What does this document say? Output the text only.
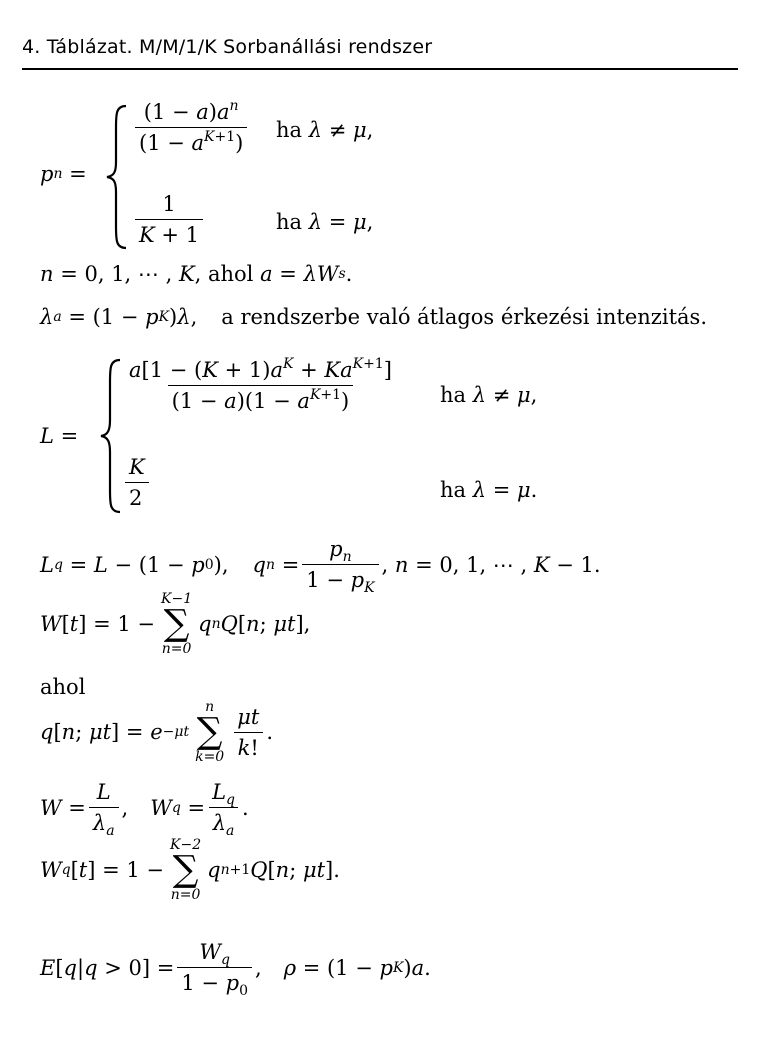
4. Táblázat. M/M/1/K Sorbanállási rendszer
p n =
$\frac{(1 - a)a^n}{(1 - a^{K+1})}$ ha λ ≠ μ,
$\frac{1}{K + 1}$	ha λ = μ,
n = 0, 1, ⋯ , K , ahol a = λW s .
λ a = (1 − p K ) λ , a rendszerbe való átlagos érkezési intenzitás.
L =
$\frac{a[1 - (K + 1)a^K + Ka^{K+1}]}{(1 - a)(1 - a^{K+1})}$ ha λ ≠ μ,
$\frac{K}{2}$	ha λ = μ.
L q = L − (1 − p 0 ), q $n = \frac{p_n}{1 - p_K}$ , n = 0, 1, ⋯ , K − 1.
W [ t ] = 1 −
K−1
∑
n=0
q n Q [ n ; μt ],
ahol
q [ n ; μt ] = e −μt
n
∑
$k=0 \frac{\mu t}{k!}$ .
$W = \frac{L}{\lambda_a}$ , W $q = \frac{L_q}{\lambda_a}$ .
W q [ t ] = 1 −
K−2
∑
n=0
q n+1 Q [ n ; μt ].
E [ q | $q > 0] = \frac{W_q}{1 - p_0}$ , ρ = (1 − p K ) a .
